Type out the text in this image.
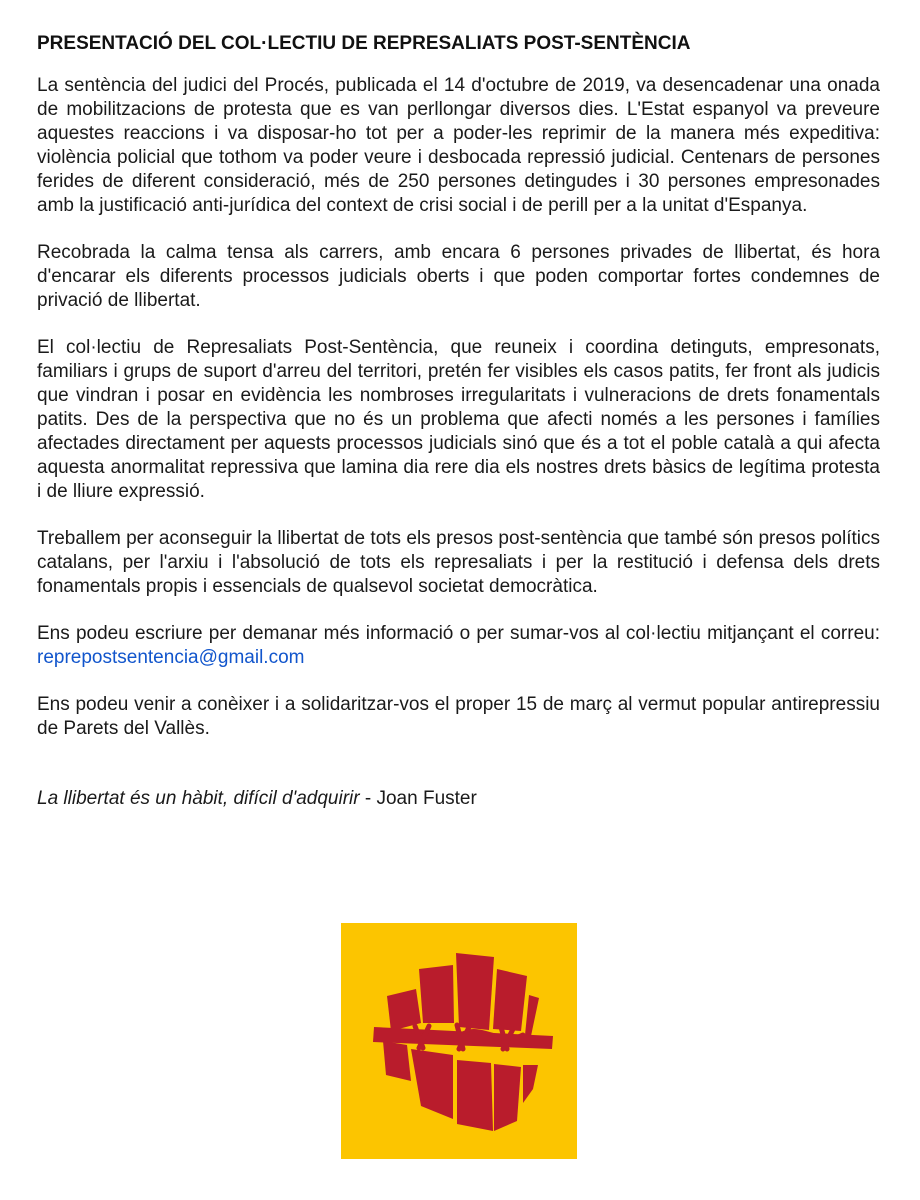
PRESENTACIÓ DEL COL·LECTIU DE REPRESALIATS POST-SENTÈNCIA

La sentència del judici del Procés, publicada el 14 d'octubre de 2019, va desencadenar una onada de mobilitzacions de protesta que es van perllongar diversos dies. L'Estat espanyol va preveure aquestes reaccions i va disposar-ho tot per a poder-les reprimir de la manera més expeditiva: violència policial que tothom va poder veure i desbocada repressió judicial. Centenars de persones ferides de diferent consideració, més de 250 persones detingudes i 30 persones empresonades amb la justificació anti-jurídica del context de crisi social i de perill per a la unitat d'Espanya.

Recobrada la calma tensa als carrers, amb encara 6 persones privades de llibertat, és hora d'encarar els diferents processos judicials oberts i que poden comportar fortes condemnes de privació de llibertat.

El col·lectiu de Represaliats Post-Sentència, que reuneix i coordina detinguts, empresonats, familiars i grups de suport d'arreu del territori, pretén fer visibles els casos patits, fer front als judicis que vindran i posar en evidència les nombroses irregularitats i vulneracions de drets fonamentals patits. Des de la perspectiva que no és un problema que afecti només a les persones i famílies afectades directament per aquests processos judicials sinó que és a tot el poble català a qui afecta aquesta anormalitat repressiva que lamina dia rere dia els nostres drets bàsics de legítima protesta i de lliure expressió.

Treballem per aconseguir la llibertat de tots els presos post-sentència que també són presos polítics catalans, per l'arxiu i l'absolució de tots els represaliats i per la restitució i defensa dels drets fonamentals propis i essencials de qualsevol societat democràtica.

Ens podeu escriure per demanar més informació o per sumar-vos al col·lectiu mitjançant el correu: reprepostsentencia@gmail.com

Ens podeu venir a conèixer i a solidaritzar-vos el proper 15 de març al vermut popular antirepressiu de Parets del Vallès.

La llibertat és un hàbit, difícil d'adquirir - Joan Fuster
